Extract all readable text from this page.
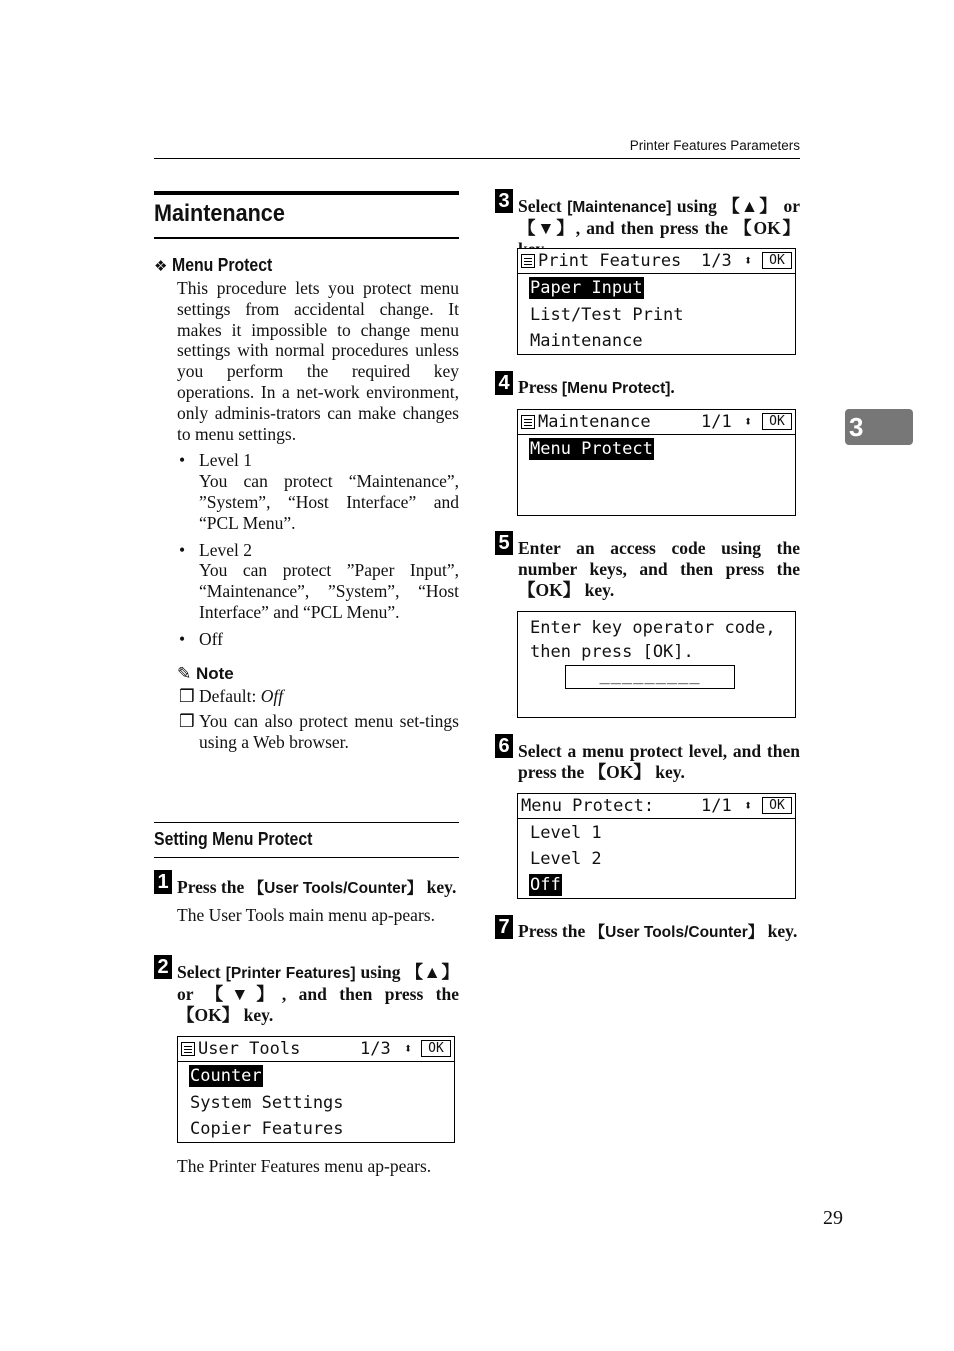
Printer Features Parameters
3
Maintenance
❖ Menu Protect
This procedure lets you protect menu settings from accidental change. It makes it impossible to change menu settings with normal procedures unless you perform the required key operations. In a net-work environment, only adminis-trators can make changes to menu settings.
• Level 1
You can protect “Maintenance”, ”System”, “Host Interface” and “PCL Menu”.
• Level 2
You can protect ”Paper Input”, “Maintenance”, ”System”, “Host Interface” and “PCL Menu”.
• Off
✎ Note
❒ Default: Off
❒ You can also protect menu set-tings using a Web browser.
Setting Menu Protect
1 Press the 【User Tools/Counter】 key.
The User Tools main menu ap-pears.
2 Select [Printer Features] using 【▲】 or 【▼】, and then press the 【OK】 key.
User Tools	1/3 ⬍	OK
Counter
System Settings
Copier Features
The Printer Features menu ap-pears.
3 Select [Maintenance] using 【▲】 or 【▼】, and then press the 【OK】
Print Features 1/3 ⬍	OK
Paper Input
List/Test Print
Maintenance
4 Press [Menu Protect].
Maintenance	1/1 ⬍	OK
Menu Protect
5 Enter an access code using the number keys, and then press the 【OK】 key.
Enter key operator code,
then press [OK].
_________
6 Select a menu protect level, and then press the 【OK】 key.
Menu Protect:	1/1 ⬍	OK
Level 1
Level 2
Off
7 Press the 【User Tools/Counter】 key.
29
